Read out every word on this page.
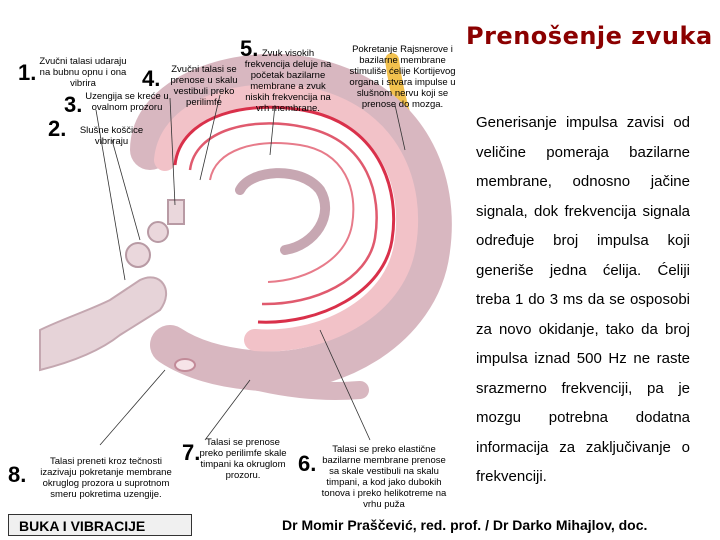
Prenošenje zvuka
Pokretanje Rajsnerove i bazilarne membrane stimuliše ćelije Kortijevog organa i stvara impulse u slušnom nervu koji se prenose do mozga.
1. Zvučni talasi udaraju na bubnu opnu i ona vibrira
2.	Slušne koščice vibriraju
3. Uzengija se kreće u ovalnom prozoru
4.	Zvučni talasi se prenose u skalu vestibuli preko perilimfe
5. Zvuk visokih frekvencija deluje na početak bazilarne membrane a zvuk niskih frekvencija na vrh membrane.
6.
Talasi se preko elastične bazilarne membrane prenose sa skale vestibuli na skalu timpani, a kod jako dubokih tonova i preko helikotreme na vrhu puža
7. Talasi se prenose preko perilimfe skale timpani ka okruglom prozoru.
8.
Talasi preneti kroz tečnosti izazivaju pokretanje membrane okruglog prozora u suprotnom smeru pokretima uzengije.
Generisanje impulsa zavisi od veličine pomeraja bazilarne membrane, odnosno jačine signala, dok frekvencija signala određuje broj impulsa koji generiše jedna ćelija. Ćeliji treba 1 do 3 ms da se osposobi za novo okidanje, tako da broj impulsa iznad 500 Hz ne raste srazmerno frekvenciji, pa je mozgu potrebna dodatna informacija za zaključivanje o frekvenciji.
BUKA I VIBRACIJE	Dr Momir Praščević, red. prof. / Dr Darko Mihajlov, doc.
